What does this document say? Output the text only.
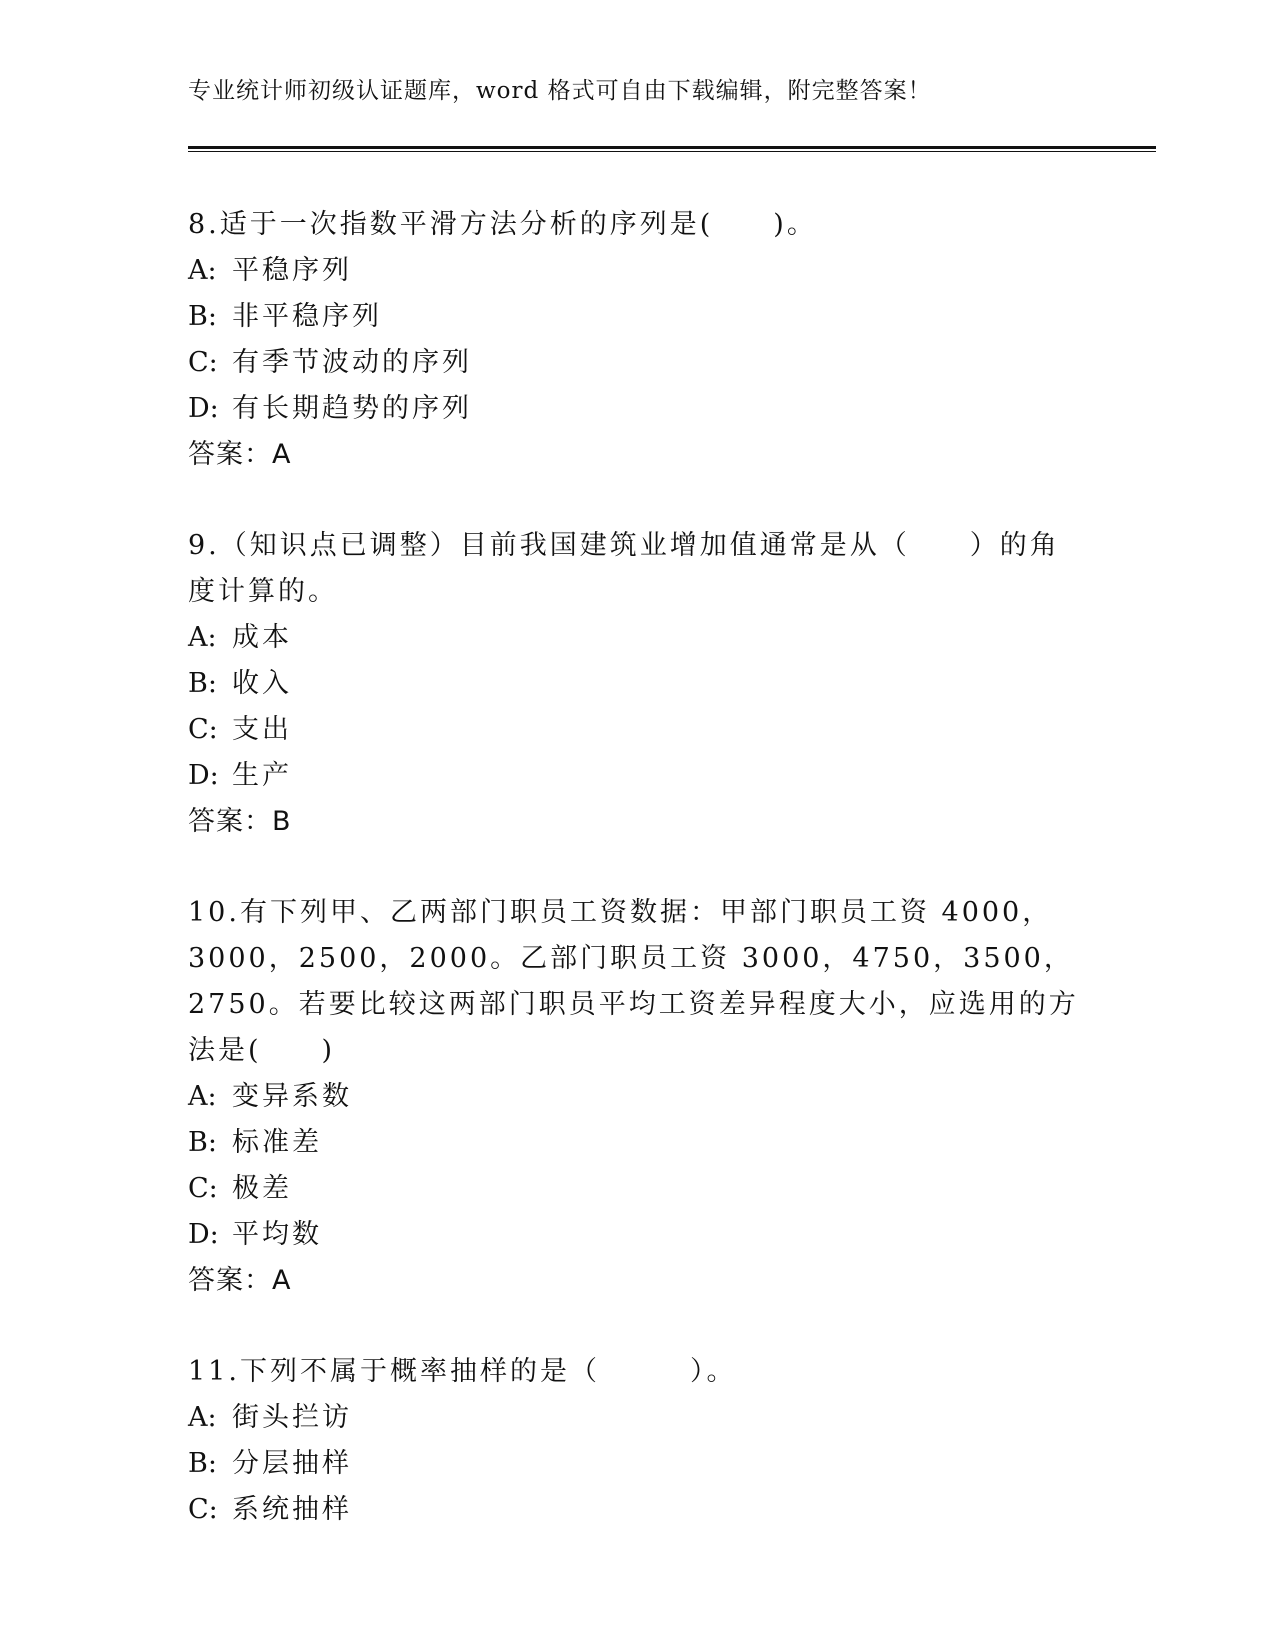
专业统计师初级认证题库，word 格式可自由下载编辑，附完整答案！
8.适于一次指数平滑方法分析的序列是(　　)。
A: 平稳序列
B: 非平稳序列
C: 有季节波动的序列
D: 有长期趋势的序列
答案：A
9.（知识点已调整）目前我国建筑业增加值通常是从（　　）的角度计算的。
A: 成本
B: 收入
C: 支出
D: 生产
答案：B
10.有下列甲、乙两部门职员工资数据：甲部门职员工资 4000，3000，2500，2000。乙部门职员工资 3000，4750，3500，2750。若要比较这两部门职员平均工资差异程度大小，应选用的方法是(　　)
A: 变异系数
B: 标准差
C: 极差
D: 平均数
答案：A
11.下列不属于概率抽样的是（　　　）。
A: 街头拦访
B: 分层抽样
C: 系统抽样
